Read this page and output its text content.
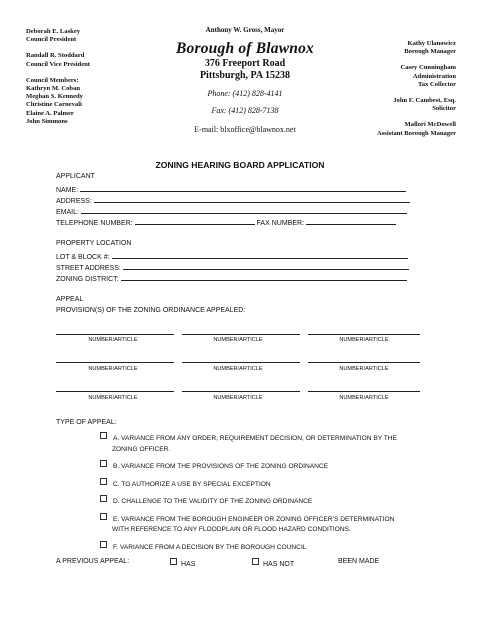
Deborah E. Laskey
Council President
Randall R. Stoddard
Council Vice President
Council Members:
Kathryn M. Coban
Meghan S. Kennedy
Christine Carnevali
Elaine A. Palmer
John Simmons
Anthony W. Gross, Mayor
Borough of Blawnox
376 Freeport Road
Pittsburgh, PA 15238
Phone: (412) 828-4141
Fax: (412) 828-7138
E-mail: blxoffice@blawnox.net
Kathy Ulanowicz
Borough Manager
Casey Cunningham
Administration
Tax Collector
John F. Cambest, Esq.
Solicitor
Mallori McDowell
Assistant Borough Manager
ZONING HEARING BOARD APPLICATION
APPLICANT
NAME:
ADDRESS:
EMAIL:
TELEPHONE NUMBER:	FAX NUMBER:
PROPERTY LOCATION
LOT & BLOCK #:
STREET ADDRESS:
ZONING DISTRICT:
APPEAL
PROVISION(S) OF THE ZONING ORDINANCE APPEALED:
NUMBER/ARTICLE	NUMBER/ARTICLE	NUMBER/ARTICLE
NUMBER/ARTICLE	NUMBER/ARTICLE	NUMBER/ARTICLE
NUMBER/ARTICLE	NUMBER/ARTICLE	NUMBER/ARTICLE
TYPE OF APPEAL:
A. VARIANCE FROM ANY ORDER, REQUIREMENT DECISION, OR DETERMINATION BY THE
ZONING OFFICER.
B. VARIANCE FROM THE PROVISIONS OF THE ZONING ORDINANCE
C. TO AUTHORIZE A USE BY SPECIAL EXCEPTION
D. CHALLENGE TO THE VALIDITY OF THE ZONING ORDINANCE
E. VARIANCE FROM THE BOROUGH ENGINEER OR ZONING OFFICER’S DETERMINATION
WITH REFERENCE TO ANY FLOODPLAIN OR FLOOD HAZARD CONDITIONS.
F. VARIANCE FROM A DECISION BY THE BOROUGH COUNCIL
A PREVIOUS APPEAL:	HAS	HAS NOT	BEEN MADE
